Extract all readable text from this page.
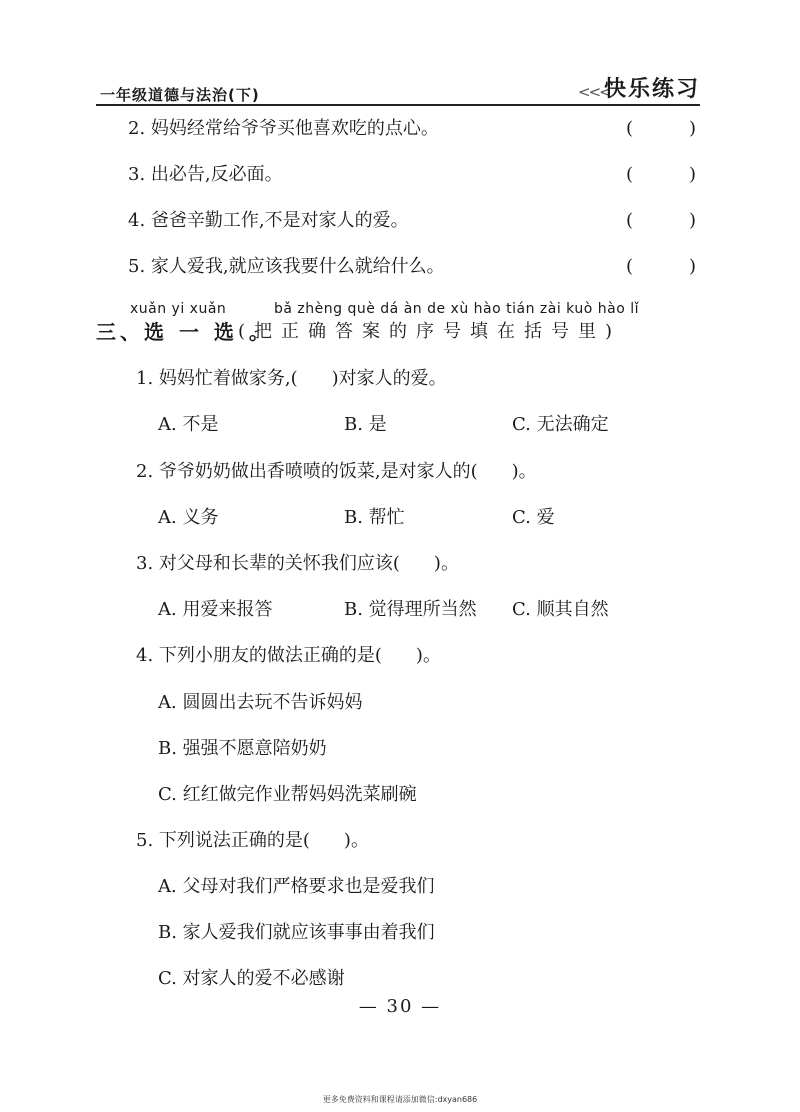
一年级道德与法治(下)	<<<
快乐练习
2. 妈妈经常给爷爷买他喜欢吃的点心。	(	)
3. 出必告,反必面。	(	)
4. 爸爸辛勤工作,不是对家人的爱。	(	)
5. 家人爱我,就应该我要什么就给什么。	(	)
xuǎn yi xuǎn	bǎ zhèng què dá àn de xù hào tián zài kuò hào lǐ
三、选 一 选 。
(把正确答案的序号填在括号里)
1. 妈妈忙着做家务,( )对家人的爱。
A. 不是	B. 是	C. 无法确定
2. 爷爷奶奶做出香喷喷的饭菜,是对家人的( )。
A. 义务	B. 帮忙	C. 爱
3. 对父母和长辈的关怀我们应该( )。
A. 用爱来报答	B. 觉得理所当然 C. 顺其自然
4. 下列小朋友的做法正确的是( )。
A. 圆圆出去玩不告诉妈妈
B. 强强不愿意陪奶奶
C. 红红做完作业帮妈妈洗菜刷碗
5. 下列说法正确的是( )。
A. 父母对我们严格要求也是爱我们
B. 家人爱我们就应该事事由着我们
C. 对家人的爱不必感谢
— 30 —
更多免费资料和课程请添加微信:dxyan686
